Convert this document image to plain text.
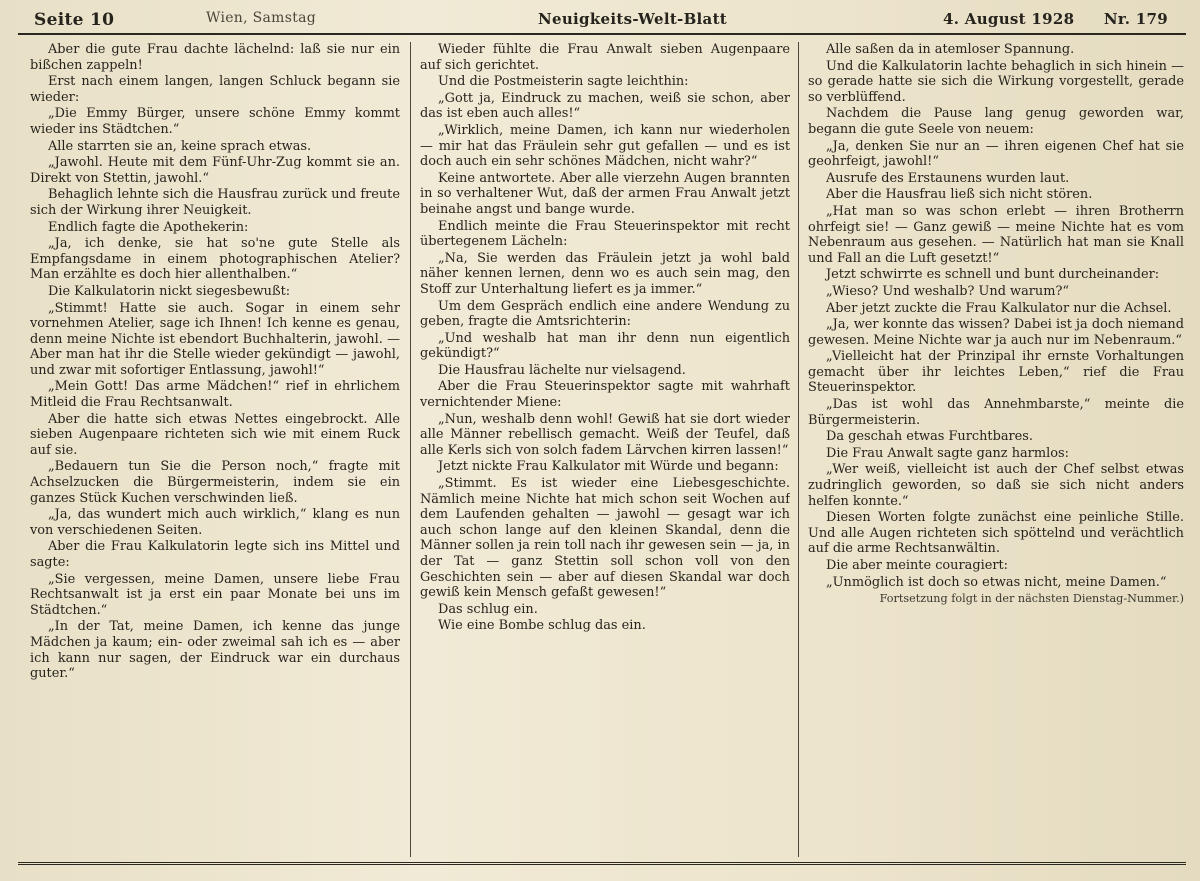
Seite 10	Wien, Samstag	Neuigkeits-Welt-Blatt	4. August 1928 Nr. 179

Aber die gute Frau dachte lächelnd: laß sie nur ein bißchen zappeln!

Erst nach einem langen, langen Schluck begann sie wieder:

„Die Emmy Bürger, unsere schöne Emmy kommt wieder ins Städtchen.“

Alle starrten sie an, keine sprach etwas.

„Jawohl. Heute mit dem Fünf-Uhr-Zug kommt sie an. Direkt von Stettin, jawohl.“

Behaglich lehnte sich die Hausfrau zurück und freute sich der Wirkung ihrer Neuigkeit.

Endlich fagte die Apothekerin:

„Ja, ich denke, sie hat so'ne gute Stelle als Empfangsdame in einem photographischen Atelier? Man erzählte es doch hier allenthalben.“

Die Kalkulatorin nickt siegesbewußt:

„Stimmt! Hatte sie auch. Sogar in einem sehr vornehmen Atelier, sage ich Ihnen! Ich kenne es genau, denn meine Nichte ist ebendort Buchhalterin, jawohl. — Aber man hat ihr die Stelle wieder gekündigt — jawohl, und zwar mit sofortiger Entlassung, jawohl!“

„Mein Gott! Das arme Mädchen!“ rief in ehrlichem Mitleid die Frau Rechtsanwalt.

Aber die hatte sich etwas Nettes eingebrockt. Alle sieben Augenpaare richteten sich wie mit einem Ruck auf sie.

„Bedauern tun Sie die Person noch,“ fragte mit Achselzucken die Bürgermeisterin, indem sie ein ganzes Stück Kuchen verschwinden ließ.

„Ja, das wundert mich auch wirklich,“ klang es nun von verschiedenen Seiten.

Aber die Frau Kalkulatorin legte sich ins Mittel und sagte:

„Sie vergessen, meine Damen, unsere liebe Frau Rechtsanwalt ist ja erst ein paar Monate bei uns im Städtchen.“

„In der Tat, meine Damen, ich kenne das junge Mädchen ja kaum; ein- oder zweimal sah ich es — aber ich kann nur sagen, der Eindruck war ein durchaus guter.“

Wieder fühlte die Frau Anwalt sieben Augenpaare auf sich gerichtet.

Und die Postmeisterin sagte leichthin:

„Gott ja, Eindruck zu machen, weiß sie schon, aber das ist eben auch alles!“

„Wirklich, meine Damen, ich kann nur wiederholen — mir hat das Fräulein sehr gut gefallen — und es ist doch auch ein sehr schönes Mädchen, nicht wahr?“

Keine antwortete. Aber alle vierzehn Augen brannten in so verhaltener Wut, daß der armen Frau Anwalt jetzt beinahe angst und bange wurde.

Endlich meinte die Frau Steuerinspektor mit recht übertegenem Lächeln:

„Na, Sie werden das Fräulein jetzt ja wohl bald näher kennen lernen, denn wo es auch sein mag, den Stoff zur Unterhaltung liefert es ja immer.“

Um dem Gespräch endlich eine andere Wendung zu geben, fragte die Amtsrichterin:

„Und weshalb hat man ihr denn nun eigentlich gekündigt?“

Die Hausfrau lächelte nur vielsagend.

Aber die Frau Steuerinspektor sagte mit wahrhaft vernichtender Miene:

„Nun, weshalb denn wohl! Gewiß hat sie dort wieder alle Männer rebellisch gemacht. Weiß der Teufel, daß alle Kerls sich von solch fadem Lärvchen kirren lassen!“

Jetzt nickte Frau Kalkulator mit Würde und begann:

„Stimmt. Es ist wieder eine Liebesgeschichte. Nämlich meine Nichte hat mich schon seit Wochen auf dem Laufenden gehalten — jawohl — gesagt war ich auch schon lange auf den kleinen Skandal, denn die Männer sollen ja rein toll nach ihr gewesen sein — ja, in der Tat — ganz Stettin soll schon voll von den Geschichten sein — aber auf diesen Skandal war doch gewiß kein Mensch gefaßt gewesen!“

Das schlug ein.

Wie eine Bombe schlug das ein.

Alle saßen da in atemloser Spannung.

Und die Kalkulatorin lachte behaglich in sich hinein — so gerade hatte sie sich die Wirkung vorgestellt, gerade so verblüffend.

Nachdem die Pause lang genug geworden war, begann die gute Seele von neuem:

„Ja, denken Sie nur an — ihren eigenen Chef hat sie geohrfeigt, jawohl!“

Ausrufe des Erstaunens wurden laut.

Aber die Hausfrau ließ sich nicht stören.

„Hat man so was schon erlebt — ihren Brotherrn ohrfeigt sie! — Ganz gewiß — meine Nichte hat es vom Nebenraum aus gesehen. — Natürlich hat man sie Knall und Fall an die Luft gesetzt!“

Jetzt schwirrte es schnell und bunt durcheinander:

„Wieso? Und weshalb? Und warum?“

Aber jetzt zuckte die Frau Kalkulator nur die Achsel.

„Ja, wer konnte das wissen? Dabei ist ja doch niemand gewesen. Meine Nichte war ja auch nur im Nebenraum.“

„Vielleicht hat der Prinzipal ihr ernste Vorhaltungen gemacht über ihr leichtes Leben,“ rief die Frau Steuerinspektor.

„Das ist wohl das Annehmbarste,“ meinte die Bürgermeisterin.

Da geschah etwas Furchtbares.

Die Frau Anwalt sagte ganz harmlos:

„Wer weiß, vielleicht ist auch der Chef selbst etwas zudringlich geworden, so daß sie sich nicht anders helfen konnte.“

Diesen Worten folgte zunächst eine peinliche Stille. Und alle Augen richteten sich spöttelnd und verächtlich auf die arme Rechtsanwältin.

Die aber meinte couragiert:

„Unmöglich ist doch so etwas nicht, meine Damen.“

Fortsetzung folgt in der nächsten Dienstag-Nummer.)
